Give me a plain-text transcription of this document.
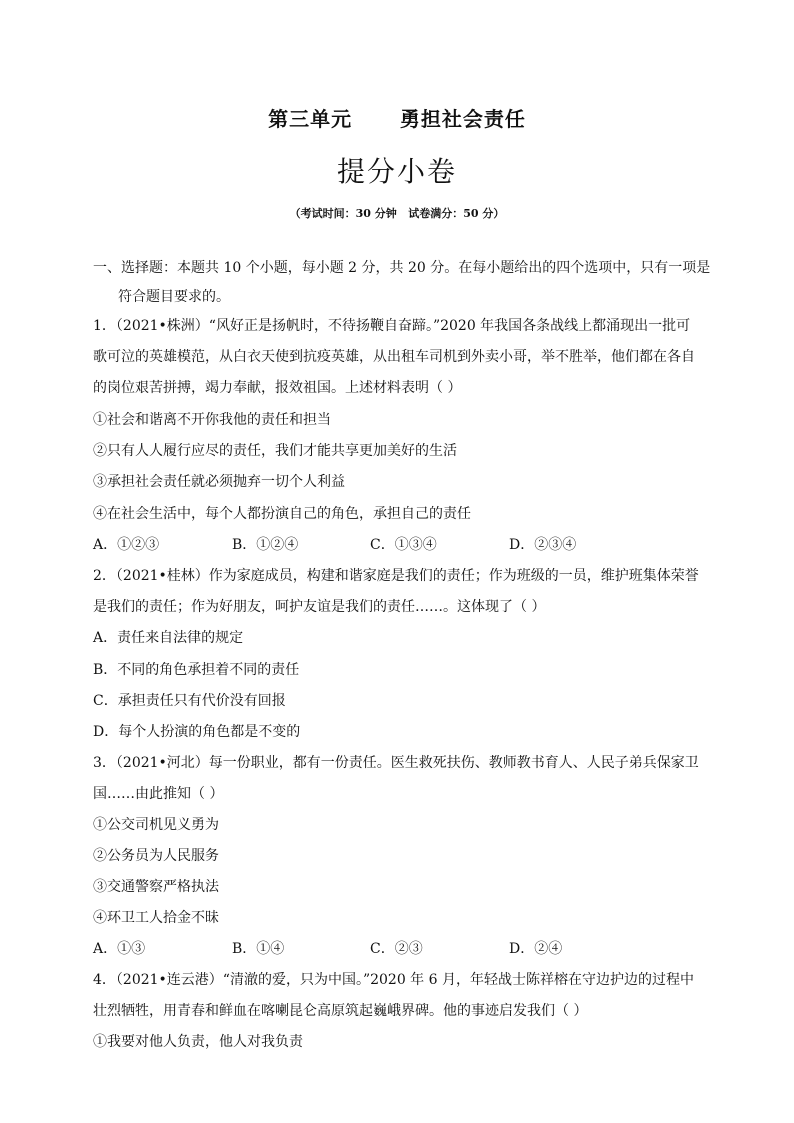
第三单元      勇担社会责任
提分小卷
（考试时间：30 分钟   试卷满分：50 分）
一、选择题：本题共 10 个小题，每小题 2 分，共 20 分。在每小题给出的四个选项中，只有一项是
符合题目要求的。
1．（2021•株洲）“风好正是扬帆时，不待扬鞭自奋蹄。”2020 年我国各条战线上都涌现出一批可
歌可泣的英雄模范，从白衣天使到抗疫英雄，从出租车司机到外卖小哥，举不胜举，他们都在各自
的岗位艰苦拼搏，竭力奉献，报效祖国。上述材料表明（ ）
①社会和谐离不开你我他的责任和担当
②只有人人履行应尽的责任，我们才能共享更加美好的生活
③承担社会责任就必须抛弃一切个人利益
④在社会生活中，每个人都扮演自己的角色，承担自己的责任
A．①②③	B．①②④	C．①③④	D．②③④
2．（2021•桂林）作为家庭成员，构建和谐家庭是我们的责任；作为班级的一员，维护班集体荣誉
是我们的责任；作为好朋友，呵护友谊是我们的责任……。这体现了（ ）
A．责任来自法律的规定
B．不同的角色承担着不同的责任
C．承担责任只有代价没有回报
D．每个人扮演的角色都是不变的
3．（2021•河北）每一份职业，都有一份责任。医生救死扶伤、教师教书育人、人民子弟兵保家卫
国……由此推知（ ）
①公交司机见义勇为
②公务员为人民服务
③交通警察严格执法
④环卫工人拾金不昧
A．①③	B．①④	C．②③	D．②④
4．（2021•连云港）“清澈的爱，只为中国。”2020 年 6 月，年轻战士陈祥榕在守边护边的过程中
壮烈牺牲，用青春和鲜血在喀喇昆仑高原筑起巍峨界碑。他的事迹启发我们（ ）
①我要对他人负责，他人对我负责
